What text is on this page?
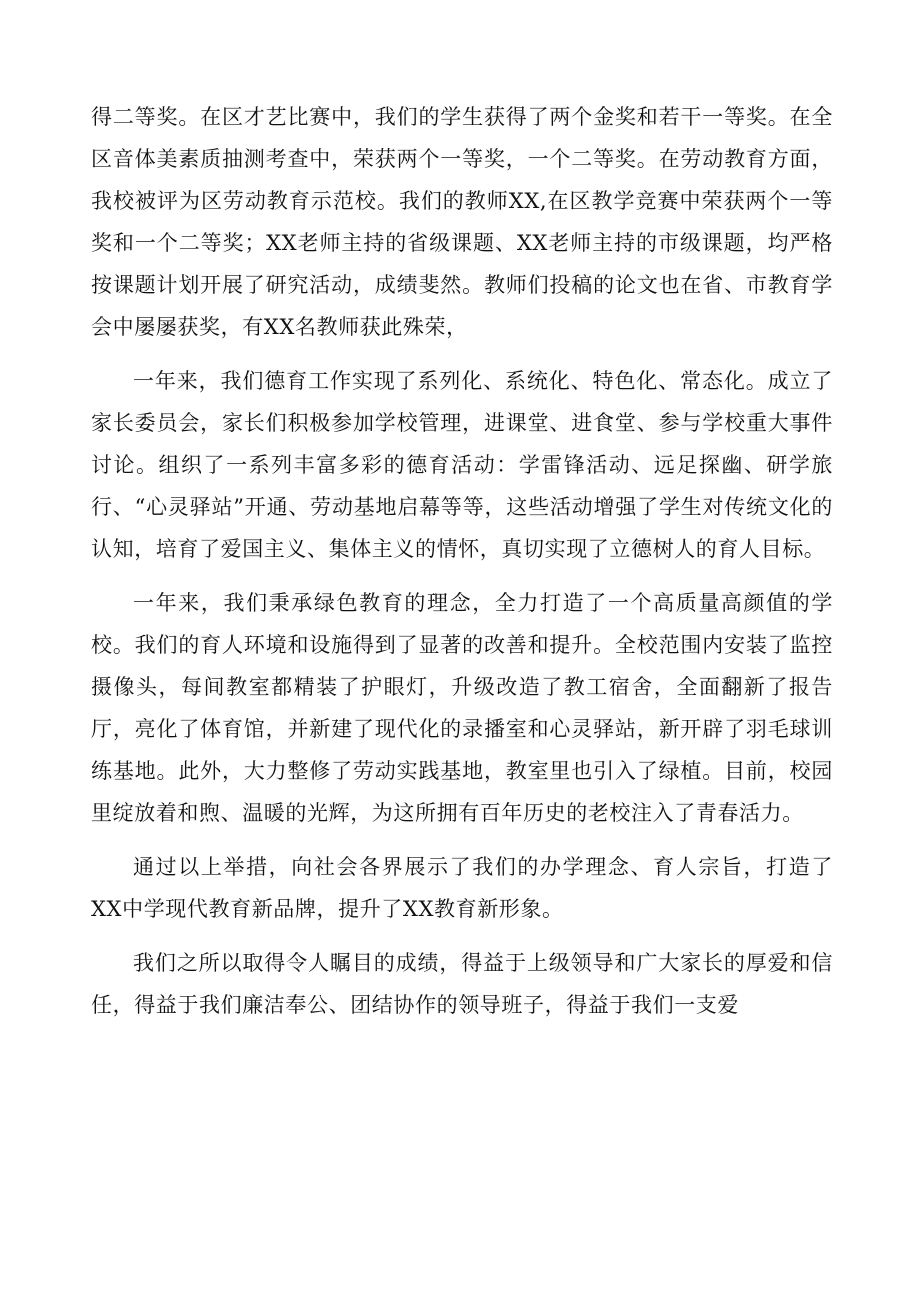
得二等奖。在区才艺比赛中，我们的学生获得了两个金奖和若干一等奖。在全区音体美素质抽测考查中，荣获两个一等奖，一个二等奖。在劳动教育方面，我校被评为区劳动教育示范校。我们的教师XX,在区教学竞赛中荣获两个一等奖和一个二等奖；XX老师主持的省级课题、XX老师主持的市级课题，均严格按课题计划开展了研究活动，成绩斐然。教师们投稿的论文也在省、市教育学会中屡屡获奖，有XX名教师获此殊荣，

一年来，我们德育工作实现了系列化、系统化、特色化、常态化。成立了家长委员会，家长们积极参加学校管理，进课堂、进食堂、参与学校重大事件讨论。组织了一系列丰富多彩的德育活动：学雷锋活动、远足探幽、研学旅行、“心灵驿站”开通、劳动基地启幕等等，这些活动增强了学生对传统文化的认知，培育了爱国主义、集体主义的情怀，真切实现了立德树人的育人目标。

一年来，我们秉承绿色教育的理念，全力打造了一个高质量高颜值的学校。我们的育人环境和设施得到了显著的改善和提升。全校范围内安装了监控摄像头，每间教室都精装了护眼灯，升级改造了教工宿舍，全面翻新了报告厅，亮化了体育馆，并新建了现代化的录播室和心灵驿站，新开辟了羽毛球训练基地。此外，大力整修了劳动实践基地，教室里也引入了绿植。目前，校园里绽放着和煦、温暖的光辉，为这所拥有百年历史的老校注入了青春活力。

通过以上举措，向社会各界展示了我们的办学理念、育人宗旨，打造了XX中学现代教育新品牌，提升了XX教育新形象。

我们之所以取得令人瞩目的成绩，得益于上级领导和广大家长的厚爱和信任，得益于我们廉洁奉公、团结协作的领导班子，得益于我们一支爱
